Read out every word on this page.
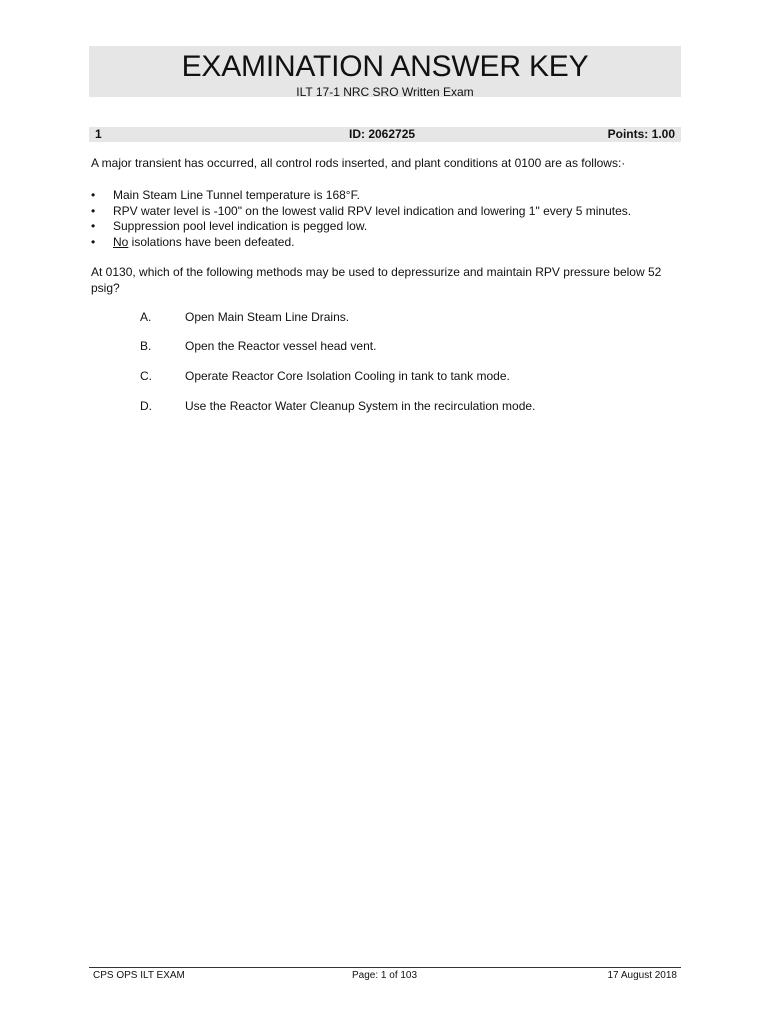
EXAMINATION ANSWER KEY
ILT 17-1 NRC SRO Written Exam
1	ID: 2062725	Points: 1.00
A major transient has occurred, all control rods inserted, and plant conditions at 0100 are as follows:·
• Main Steam Line Tunnel temperature is 168°F.
• RPV water level is -100" on the lowest valid RPV level indication and lowering 1" every 5 minutes.
• Suppression pool level indication is pegged low.
• No isolations have been defeated.
At 0130, which of the following methods may be used to depressurize and maintain RPV pressure below 52 psig?
A.	Open Main Steam Line Drains.
B.	Open the Reactor vessel head vent.
C.	Operate Reactor Core Isolation Cooling in tank to tank mode.
D.	Use the Reactor Water Cleanup System in the recirculation mode.
CPS OPS ILT EXAM	Page: 1 of 103	17 August 2018
